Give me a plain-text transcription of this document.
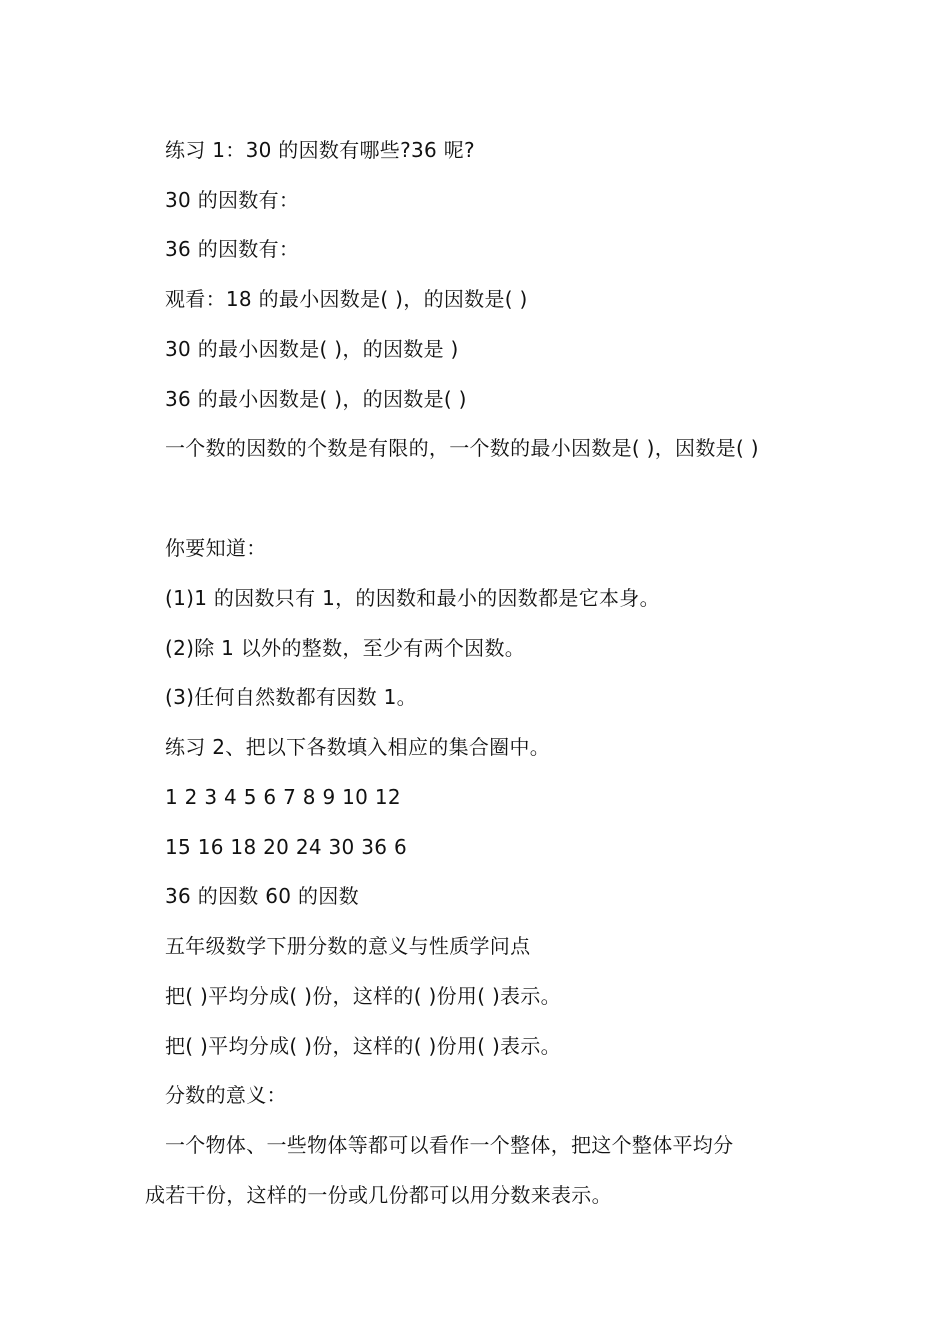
练习 1：30 的因数有哪些?36 呢?
30 的因数有：
36 的因数有：
观看：18 的最小因数是( )，的因数是( )
30 的最小因数是( )，的因数是 )
36 的最小因数是( )，的因数是( )
一个数的因数的个数是有限的，一个数的最小因数是( )，因数是( )
你要知道：
(1)1 的因数只有 1，的因数和最小的因数都是它本身。
(2)除 1 以外的整数，至少有两个因数。
(3)任何自然数都有因数 1。
练习 2、把以下各数填入相应的集合圈中。
1 2 3 4 5 6 7 8 9 10 12
15 16 18 20 24 30 36 6
36 的因数 60 的因数
五年级数学下册分数的意义与性质学问点
把( )平均分成( )份，这样的( )份用( )表示。
把( )平均分成( )份，这样的( )份用( )表示。
分数的意义：
一个物体、一些物体等都可以看作一个整体，把这个整体平均分
成若干份，这样的一份或几份都可以用分数来表示。
